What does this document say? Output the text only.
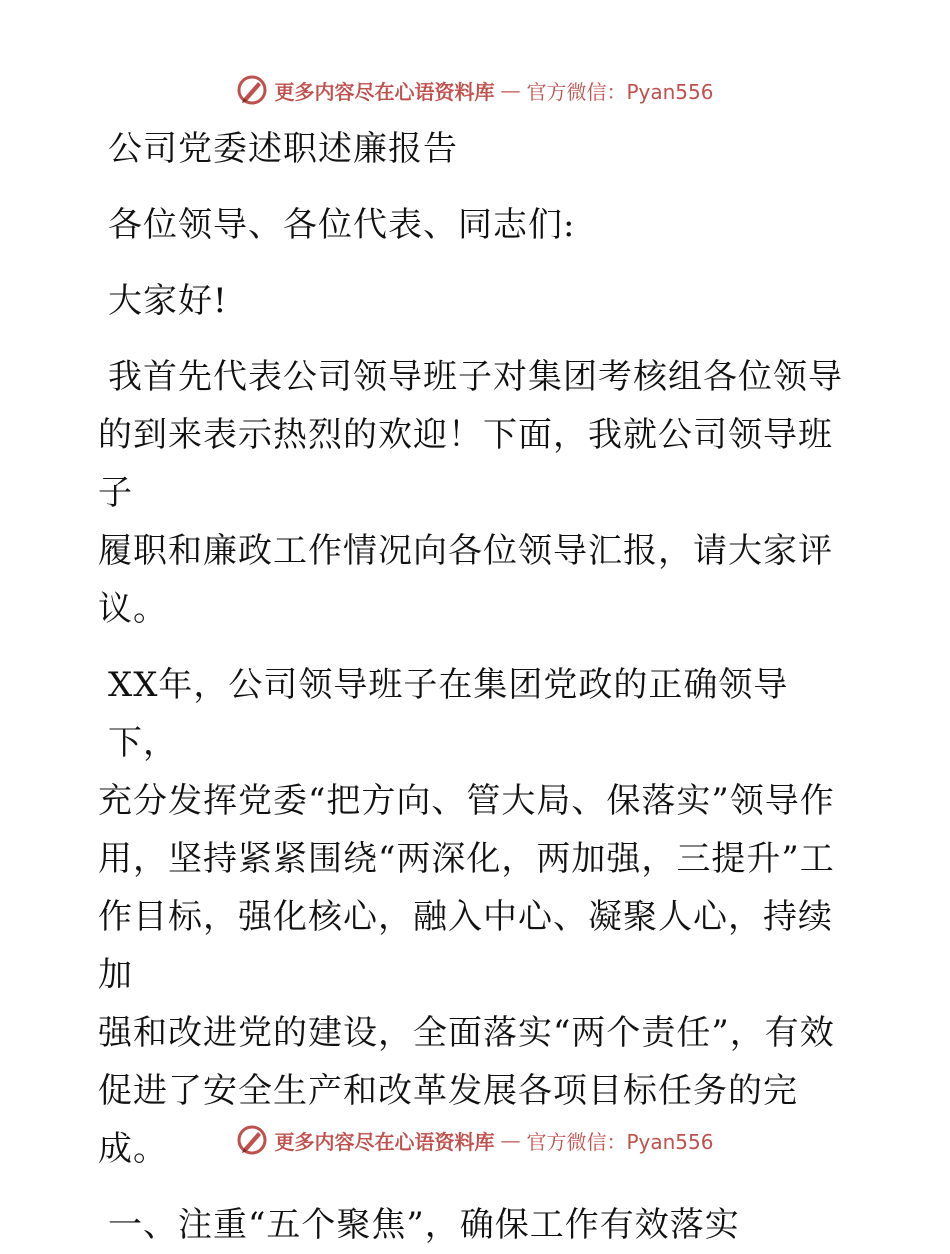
更多内容尽在心语资料库 — 官方微信：Pyan556

公司党委述职述廉报告

各位领导、各位代表、同志们:

大家好!

我首先代表公司领导班子对集团考核组各位领导

的到来表示热烈的欢迎！下面，我就公司领导班子

履职和廉政工作情况向各位领导汇报，请大家评

议。

XX年，公司领导班子在集团党政的正确领导下，

充分发挥党委“把方向、管大局、保落实”领导作

用，坚持紧紧围绕“两深化，两加强，三提升”工

作目标，强化核心，融入中心、凝聚人心，持续加

强和改进党的建设，全面落实“两个责任”，有效

促进了安全生产和改革发展各项目标任务的完成。

一、注重“五个聚焦”，确保工作有效落实

更多内容尽在心语资料库 — 官方微信：Pyan556
